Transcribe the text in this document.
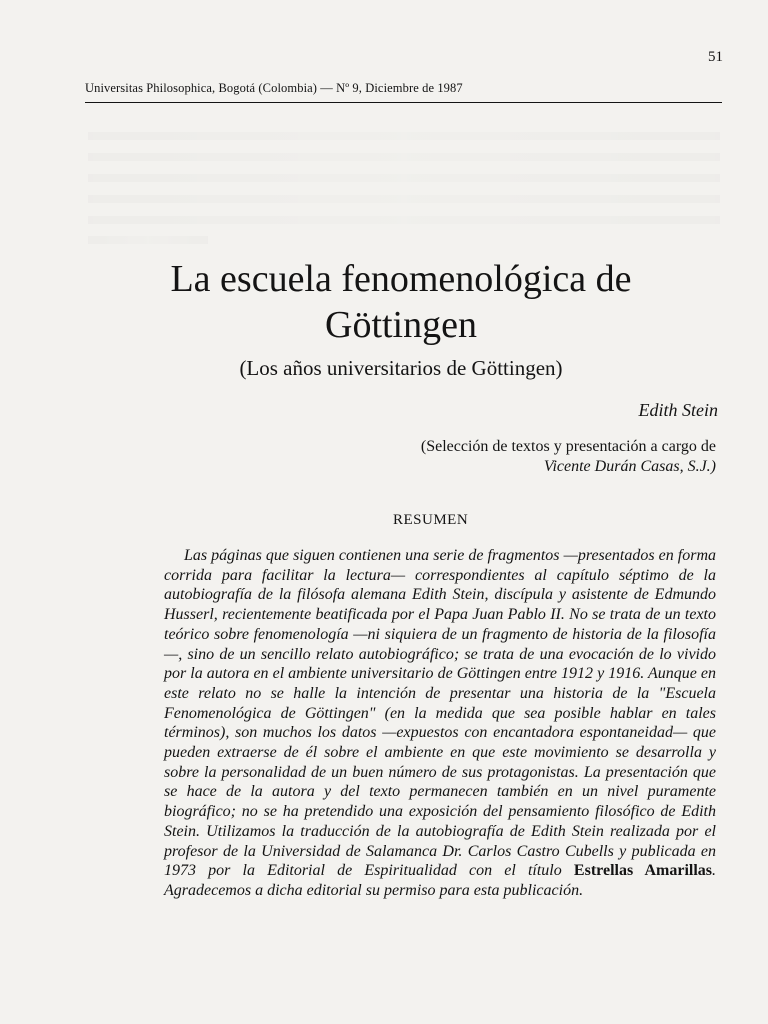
51
Universitas Philosophica, Bogotá (Colombia) — Nº 9, Diciembre de 1987
La escuela fenomenológica de
Göttingen
(Los años universitarios de Göttingen)
Edith Stein
(Selección de textos y presentación a cargo de
Vicente Durán Casas, S.J.)
RESUMEN

Las páginas que siguen contienen una serie de fragmentos —presentados en forma corrida para facilitar la lectura— correspondientes al capítulo séptimo de la autobiografía de la filósofa alemana Edith Stein, discípula y asistente de Edmundo Husserl, recientemente beatificada por el Papa Juan Pablo II. No se trata de un texto teórico sobre fenomenología —ni siquiera de un fragmento de historia de la filosofía—, sino de un sencillo relato autobiográfico; se trata de una evocación de lo vivido por la autora en el ambiente universitario de Göttingen entre 1912 y 1916. Aunque en este relato no se halle la intención de presentar una historia de la "Escuela Fenomenológica de Göttingen" (en la medida que sea posible hablar en tales términos), son muchos los datos —expuestos con encantadora espontaneidad— que pueden extraerse de él sobre el ambiente en que este movimiento se desarrolla y sobre la personalidad de un buen número de sus protagonistas. La presentación que se hace de la autora y del texto permanecen también en un nivel puramente biográfico; no se ha pretendido una exposición del pensamiento filosófico de Edith Stein. Utilizamos la traducción de la autobiografía de Edith Stein realizada por el profesor de la Universidad de Salamanca Dr. Carlos Castro Cubells y publicada en 1973 por la Editorial de Espiritualidad con el título Estrellas Amarillas. Agradecemos a dicha editorial su permiso para esta publicación.
